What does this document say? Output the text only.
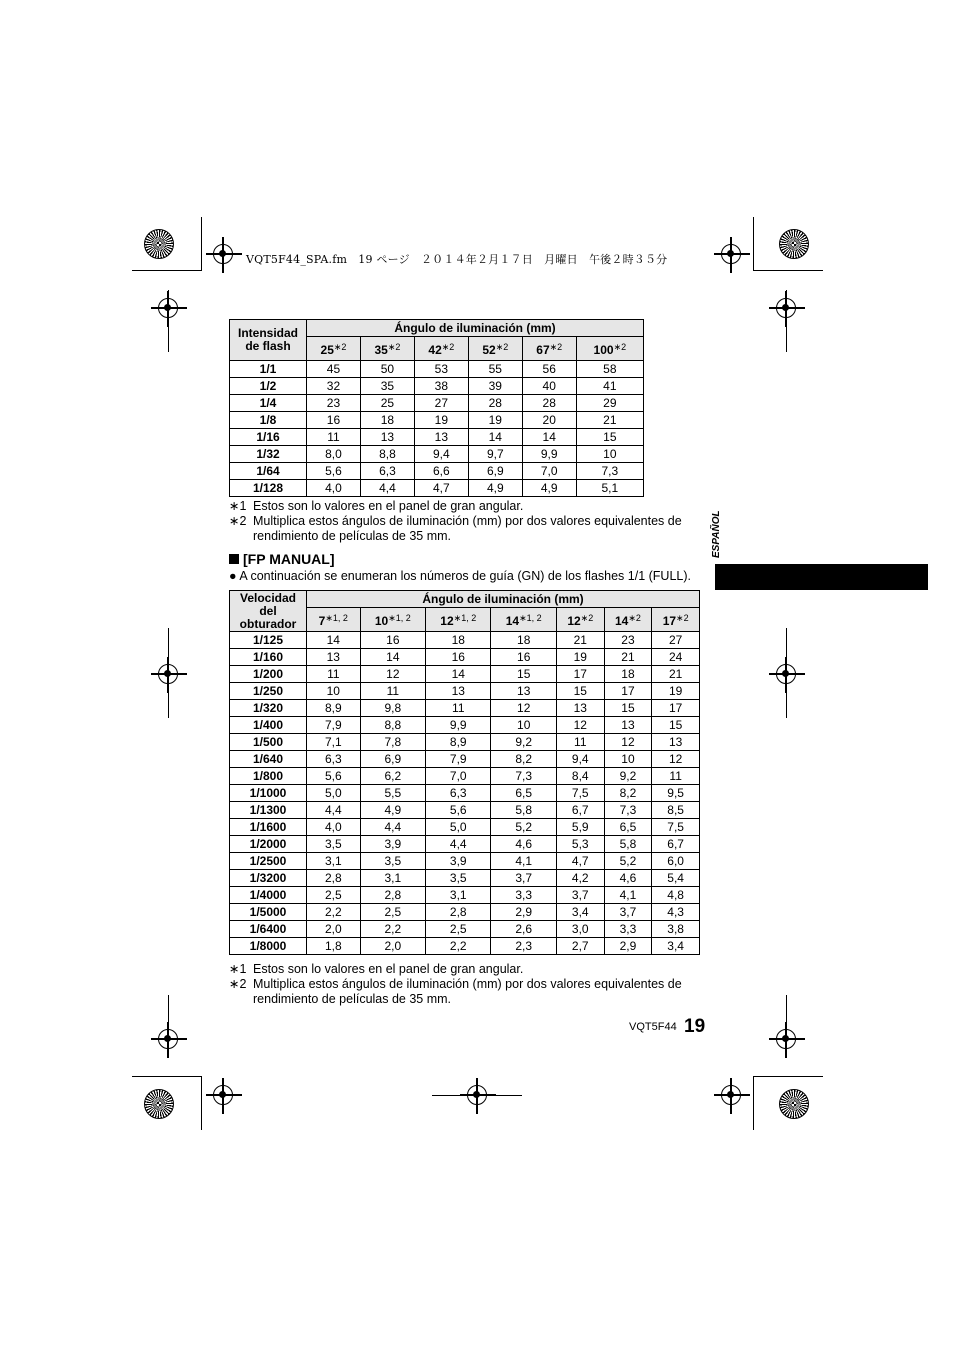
VQT5F44_SPA.fm　19 ページ　２０１４年２月１７日　月曜日　午後２時３５分
Intensidad de flash	Ángulo de iluminación (mm)					
	$25^{∗2}$	$35^{∗2}$	$42^{∗2}$	$52^{∗2}$	$67^{∗2}$	$100^{∗2}$
1/1	45	50	53	55	56	58
1/2	32	35	38	39	40	41
1/4	23	25	27	28	28	29
1/8	16	18	19	19	20	21
1/16	11	13	13	14	14	15
1/32	8,0	8,8	9,4	9,7	9,9	10
1/64	5,6	6,3	6,6	6,9	7,0	7,3
1/128	4,0	4,4	4,7	4,9	4,9	5,1
∗1 Estos son lo valores en el panel de gran angular.
∗2 Multiplica estos ángulos de iluminación (mm) por dos valores equivalentes de rendimiento de películas de 35 mm.
[FP MANUAL]
● A continuación se enumeran los números de guía (GN) de los flashes 1/1 (FULL).
ESPAÑOL
Velocidad del obturador	Ángulo de iluminación (mm)						
	$7^{∗1, 2}$	$10^{∗1, 2}$	$12^{∗1, 2}$	$14^{∗1, 2}$	$12^{∗2}$	$14^{∗2}$	$17^{∗2}$
1/125	14	16	18	18	21	23	27
1/160	13	14	16	16	19	21	24
1/200	11	12	14	15	17	18	21
1/250	10	11	13	13	15	17	19
1/320	8,9	9,8	11	12	13	15	17
1/400	7,9	8,8	9,9	10	12	13	15
1/500	7,1	7,8	8,9	9,2	11	12	13
1/640	6,3	6,9	7,9	8,2	9,4	10	12
1/800	5,6	6,2	7,0	7,3	8,4	9,2	11
1/1000	5,0	5,5	6,3	6,5	7,5	8,2	9,5
1/1300	4,4	4,9	5,6	5,8	6,7	7,3	8,5
1/1600	4,0	4,4	5,0	5,2	5,9	6,5	7,5
1/2000	3,5	3,9	4,4	4,6	5,3	5,8	6,7
1/2500	3,1	3,5	3,9	4,1	4,7	5,2	6,0
1/3200	2,8	3,1	3,5	3,7	4,2	4,6	5,4
1/4000	2,5	2,8	3,1	3,3	3,7	4,1	4,8
1/5000	2,2	2,5	2,8	2,9	3,4	3,7	4,3
1/6400	2,0	2,2	2,5	2,6	3,0	3,3	3,8
1/8000	1,8	2,0	2,2	2,3	2,7	2,9	3,4
∗1 Estos son lo valores en el panel de gran angular.
∗2 Multiplica estos ángulos de iluminación (mm) por dos valores equivalentes de rendimiento de películas de 35 mm.
VQT5F44 19
